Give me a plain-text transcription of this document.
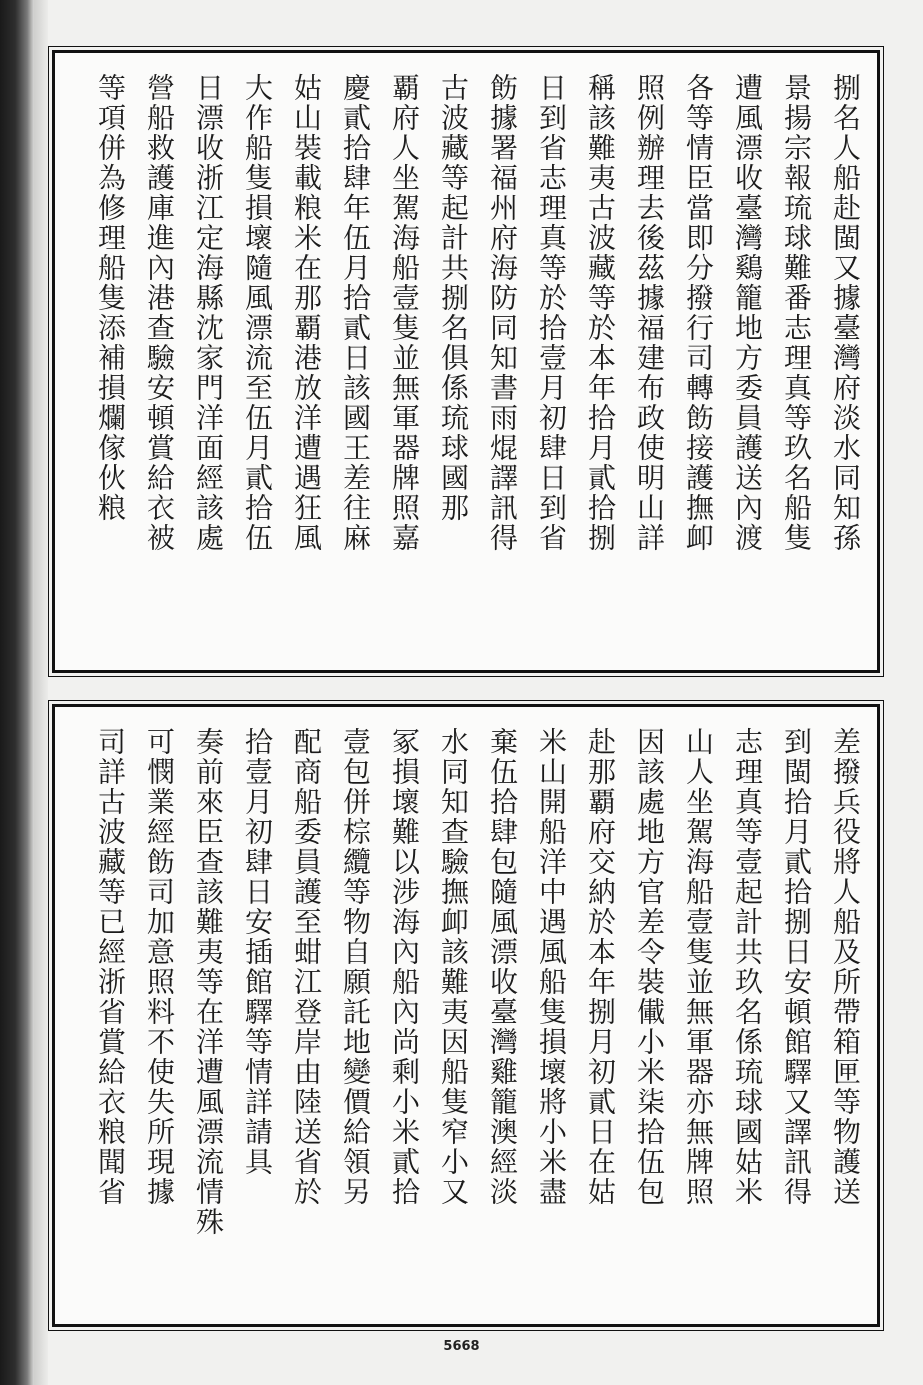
捌名人船赴閩又據臺灣府淡水同知孫
景揚宗報琉球難番志理真等玖名船隻
遭風漂收臺灣鷄籠地方委員護送內渡
各等情臣當即分撥行司轉飭接護撫卹
照例辦理去後茲據福建布政使明山詳
稱該難夷古波藏等於本年拾月貳拾捌
日到省志理真等於拾壹月初肆日到省
飭據署福州府海防同知書雨焜譯訊得
古波藏等起計共捌名俱係琉球國那
覇府人坐駕海船壹隻並無軍器牌照嘉
慶貳拾肆年伍月拾貳日該國王差往麻
姑山裝載粮米在那覇港放洋遭遇狂風
大作船隻損壞隨風漂流至伍月貳拾伍
日漂收浙江定海縣沈家門洋面經該處
營船救護庫進內港查驗安頓賞給衣被
等項併為修理船隻添補損爛傢伙粮
差撥兵役將人船及所帶箱匣等物護送
到閩拾月貳拾捌日安頓館驛又譯訊得
志理真等壹起計共玖名係琉球國姑米
山人坐駕海船壹隻並無軍器亦無牌照
因該處地方官差令裝儎小米柒拾伍包
赴那覇府交納於本年捌月初貳日在姑
米山開船洋中遇風船隻損壞將小米盡
棄伍拾肆包隨風漂收臺灣雞籠澳經淡
水同知查驗撫卹該難夷因船隻窄小又
冢損壞難以涉海內船內尚剩小米貳拾
壹包併棕纜等物自願託地變價給領另
配商船委員護至蚶江登岸由陸送省於
拾壹月初肆日安插館驛等情詳請具
奏前來臣查該難夷等在洋遭風漂流情殊
可憫業經飭司加意照料不使失所現據
司詳古波藏等已經浙省賞給衣粮聞省
5668
